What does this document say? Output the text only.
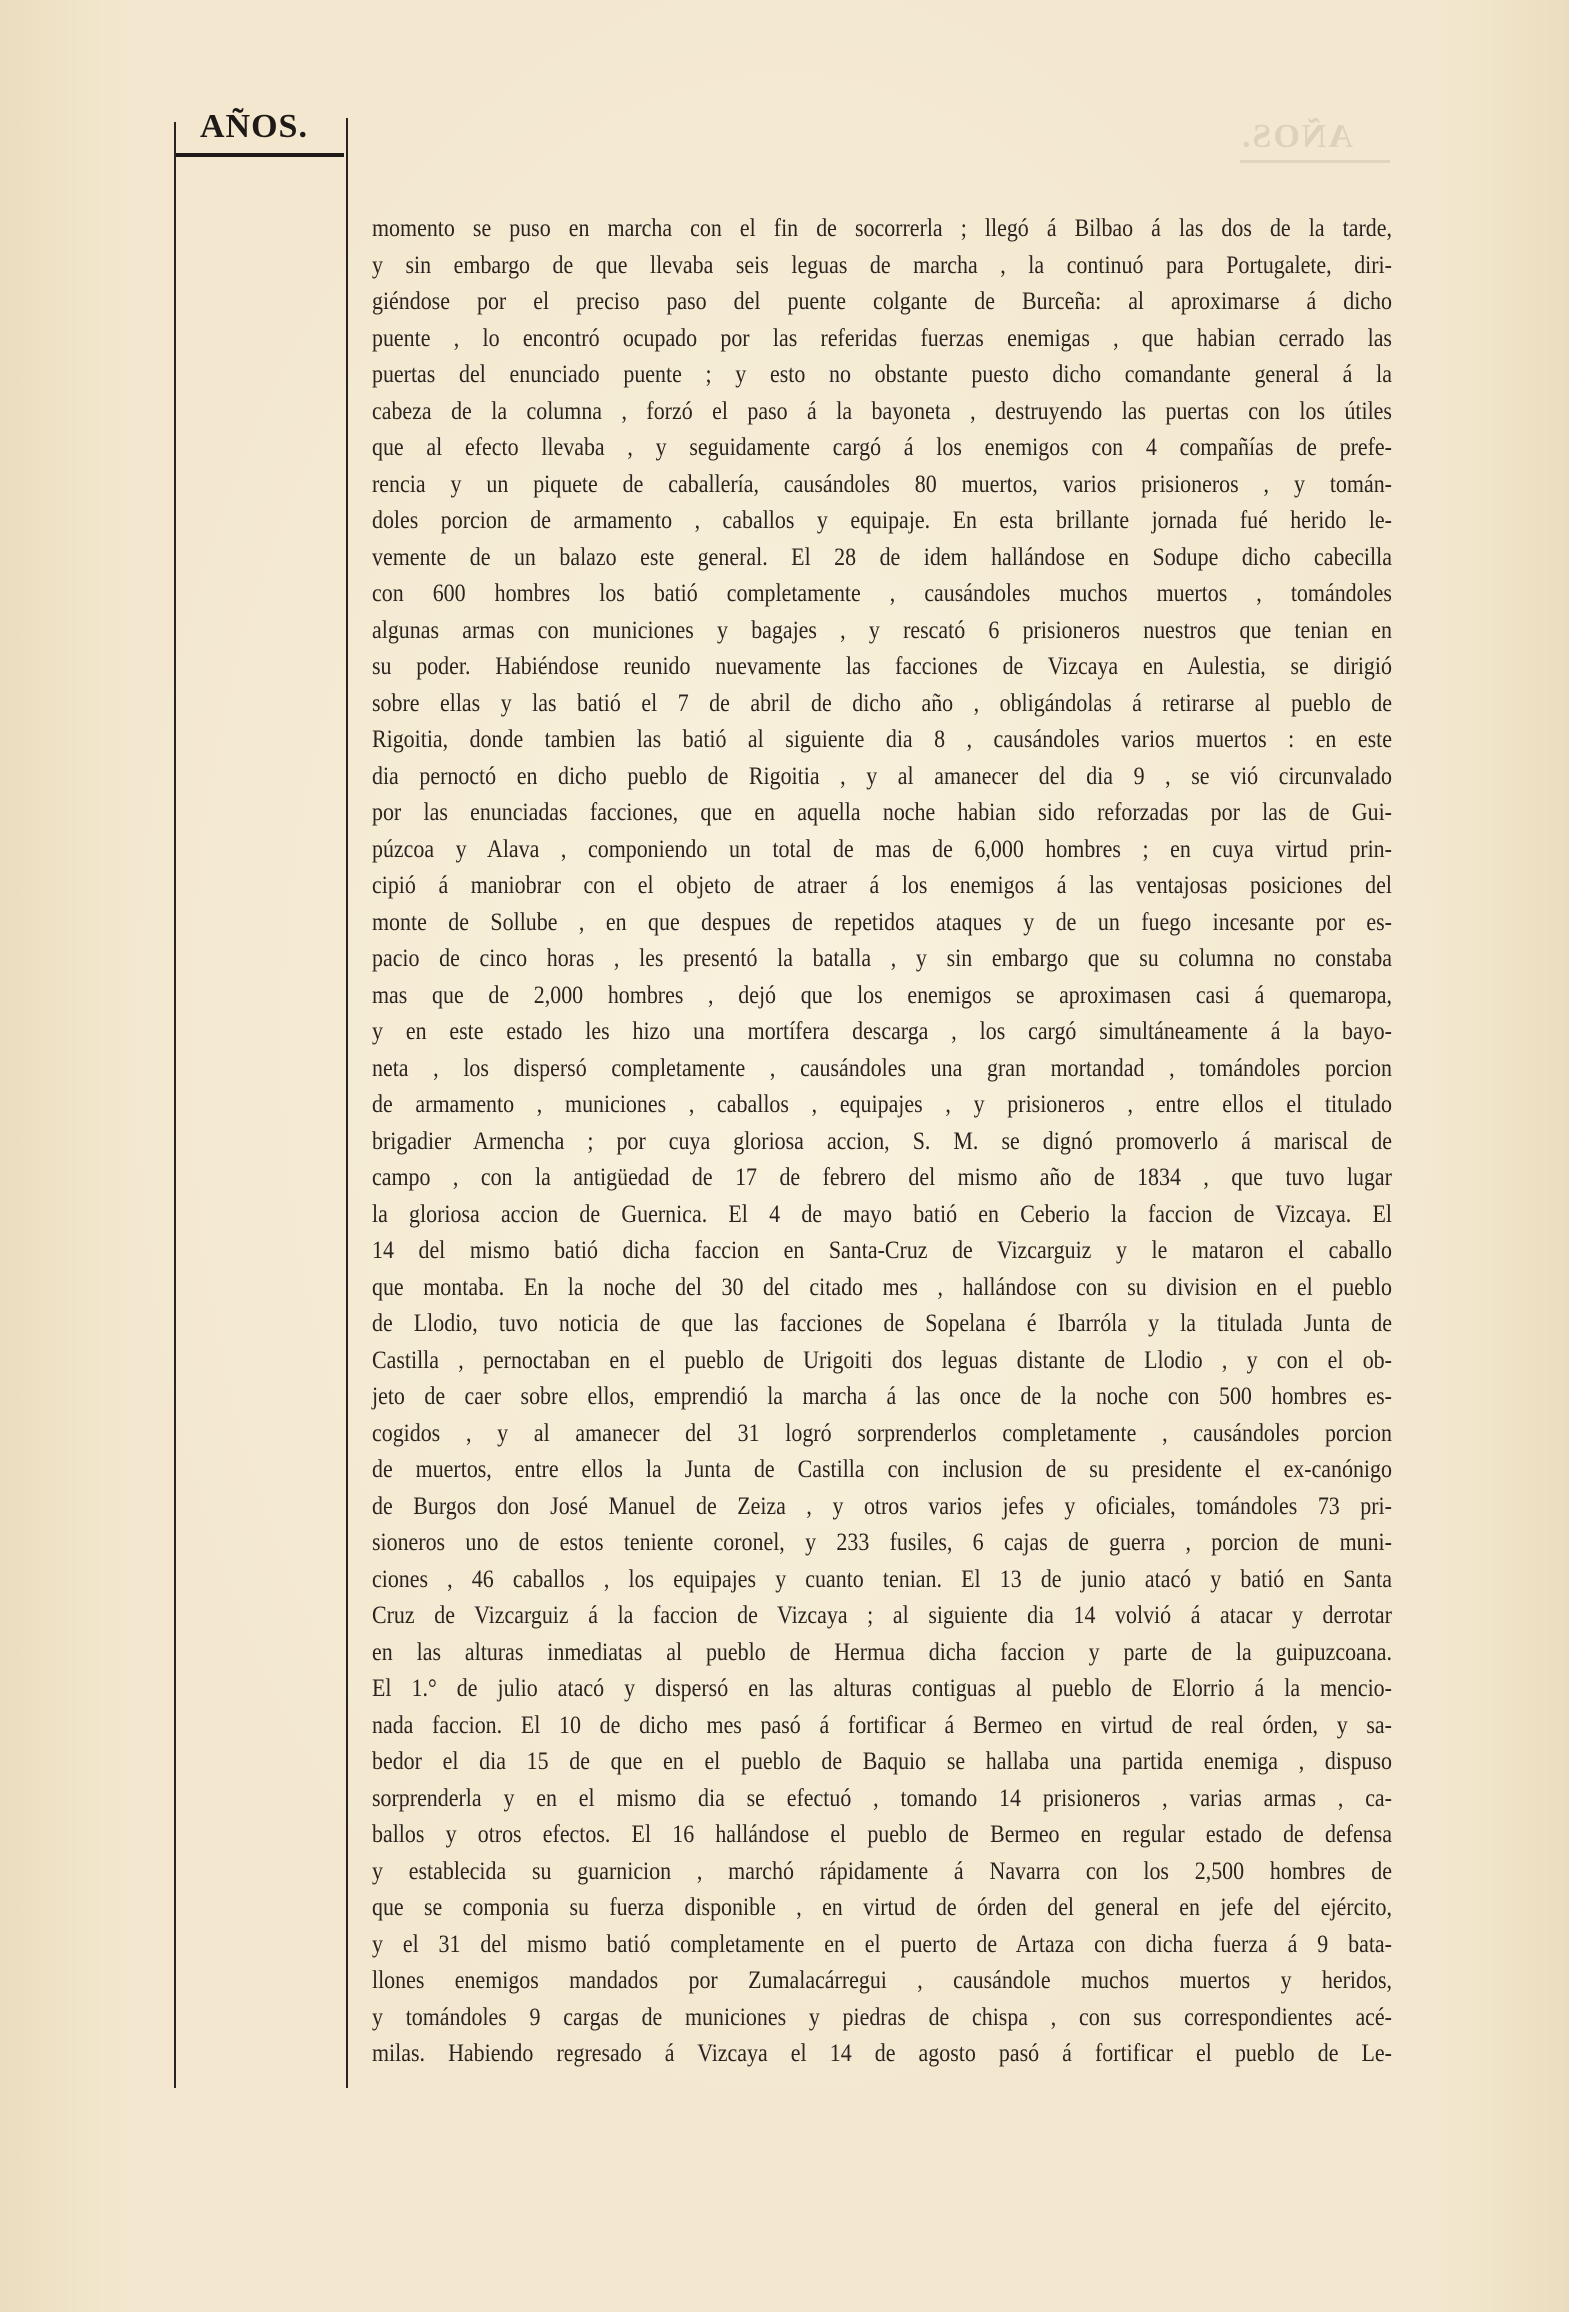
AÑOS.
AÑOS.
momento se puso en marcha con el fin de socorrerla ; llegó á Bilbao á las dos de la tarde,
y sin embargo de que llevaba seis leguas de marcha , la continuó para Portugalete, diri-
giéndose por el preciso paso del puente colgante de Burceña: al aproximarse á dicho
puente , lo encontró ocupado por las referidas fuerzas enemigas , que habian cerrado las
puertas del enunciado puente ; y esto no obstante puesto dicho comandante general á la
cabeza de la columna , forzó el paso á la bayoneta , destruyendo las puertas con los útiles
que al efecto llevaba , y seguidamente cargó á los enemigos con 4 compañías de prefe-
rencia y un piquete de caballería, causándoles 80 muertos, varios prisioneros , y tomán-
doles porcion de armamento , caballos y equipaje. En esta brillante jornada fué herido le-
vemente de un balazo este general. El 28 de idem hallándose en Sodupe dicho cabecilla
con 600 hombres los batió completamente , causándoles muchos muertos , tomándoles
algunas armas con municiones y bagajes , y rescató 6 prisioneros nuestros que tenian en
su poder. Habiéndose reunido nuevamente las facciones de Vizcaya en Aulestia, se dirigió
sobre ellas y las batió el 7 de abril de dicho año , obligándolas á retirarse al pueblo de
Rigoitia, donde tambien las batió al siguiente dia 8 , causándoles varios muertos : en este
dia pernoctó en dicho pueblo de Rigoitia , y al amanecer del dia 9 , se vió circunvalado
por las enunciadas facciones, que en aquella noche habian sido reforzadas por las de Gui-
púzcoa y Alava , componiendo un total de mas de 6,000 hombres ; en cuya virtud prin-
cipió á maniobrar con el objeto de atraer á los enemigos á las ventajosas posiciones del
monte de Sollube , en que despues de repetidos ataques y de un fuego incesante por es-
pacio de cinco horas , les presentó la batalla , y sin embargo que su columna no constaba
mas que de 2,000 hombres , dejó que los enemigos se aproximasen casi á quemaropa,
y en este estado les hizo una mortífera descarga , los cargó simultáneamente á la bayo-
neta , los dispersó completamente , causándoles una gran mortandad , tomándoles porcion
de armamento , municiones , caballos , equipajes , y prisioneros , entre ellos el titulado
brigadier Armencha ; por cuya gloriosa accion, S. M. se dignó promoverlo á mariscal de
campo , con la antigüedad de 17 de febrero del mismo año de 1834 , que tuvo lugar
la gloriosa accion de Guernica. El 4 de mayo batió en Ceberio la faccion de Vizcaya. El
14 del mismo batió dicha faccion en Santa-Cruz de Vizcarguiz y le mataron el caballo
que montaba. En la noche del 30 del citado mes , hallándose con su division en el pueblo
de Llodio, tuvo noticia de que las facciones de Sopelana é Ibarróla y la titulada Junta de
Castilla , pernoctaban en el pueblo de Urigoiti dos leguas distante de Llodio , y con el ob-
jeto de caer sobre ellos, emprendió la marcha á las once de la noche con 500 hombres es-
cogidos , y al amanecer del 31 logró sorprenderlos completamente , causándoles porcion
de muertos, entre ellos la Junta de Castilla con inclusion de su presidente el ex-canónigo
de Burgos don José Manuel de Zeiza , y otros varios jefes y oficiales, tomándoles 73 pri-
sioneros uno de estos teniente coronel, y 233 fusiles, 6 cajas de guerra , porcion de muni-
ciones , 46 caballos , los equipajes y cuanto tenian. El 13 de junio atacó y batió en Santa
Cruz de Vizcarguiz á la faccion de Vizcaya ; al siguiente dia 14 volvió á atacar y derrotar
en las alturas inmediatas al pueblo de Hermua dicha faccion y parte de la guipuzcoana.
El 1.° de julio atacó y dispersó en las alturas contiguas al pueblo de Elorrio á la mencio-
nada faccion. El 10 de dicho mes pasó á fortificar á Bermeo en virtud de real órden, y sa-
bedor el dia 15 de que en el pueblo de Baquio se hallaba una partida enemiga , dispuso
sorprenderla y en el mismo dia se efectuó , tomando 14 prisioneros , varias armas , ca-
ballos y otros efectos. El 16 hallándose el pueblo de Bermeo en regular estado de defensa
y establecida su guarnicion , marchó rápidamente á Navarra con los 2,500 hombres de
que se componia su fuerza disponible , en virtud de órden del general en jefe del ejército,
y el 31 del mismo batió completamente en el puerto de Artaza con dicha fuerza á 9 bata-
llones enemigos mandados por Zumalacárregui , causándole muchos muertos y heridos,
y tomándoles 9 cargas de municiones y piedras de chispa , con sus correspondientes acé-
milas. Habiendo regresado á Vizcaya el 14 de agosto pasó á fortificar el pueblo de Le-
